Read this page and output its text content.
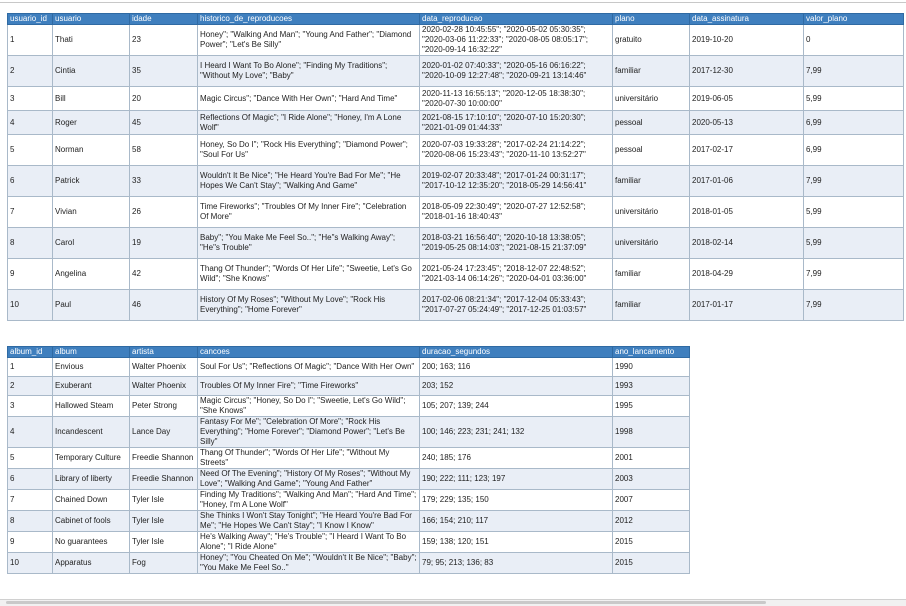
usuario_id	usuario	idade	historico_de_reproducoes	data_reproducao	plano	data_assinatura	valor_plano
1	Thati	23	Honey"; "Walking And Man"; "Young And Father"; "Diamond Power"; "Let's Be Silly"	2020-02-28 10:45:55"; "2020-05-02 05:30:35"; "2020-03-06 11:22:33"; "2020-08-05 08:05:17"; "2020-09-14 16:32:22"	gratuito	2019-10-20	0
2	Cintia	35	I Heard I Want To Bo Alone"; "Finding My Traditions"; "Without My Love"; "Baby"	2020-01-02 07:40:33"; "2020-05-16 06:16:22"; "2020-10-09 12:27:48"; "2020-09-21 13:14:46"	familiar	2017-12-30	7,99
3	Bill	20	Magic Circus"; "Dance With Her Own"; "Hard And Time"	2020-11-13 16:55:13"; "2020-12-05 18:38:30"; "2020-07-30 10:00:00"	universitário	2019-06-05	5,99
4	Roger	45	Reflections Of Magic"; "I Ride Alone"; "Honey, I'm A Lone Wolf"	2021-08-15 17:10:10"; "2020-07-10 15:20:30"; "2021-01-09 01:44:33"	pessoal	2020-05-13	6,99
5	Norman	58	Honey, So Do I"; "Rock His Everything"; "Diamond Power"; "Soul For Us"	2020-07-03 19:33:28"; "2017-02-24 21:14:22"; "2020-08-06 15:23:43"; "2020-11-10 13:52:27"	pessoal	2017-02-17	6,99
6	Patrick	33	Wouldn't It Be Nice"; "He Heard You're Bad For Me"; "He Hopes We Can't Stay"; "Walking And Game"	2019-02-07 20:33:48"; "2017-01-24 00:31:17"; "2017-10-12 12:35:20"; "2018-05-29 14:56:41"	familiar	2017-01-06	7,99
7	Vivian	26	Time Fireworks"; "Troubles Of My Inner Fire"; "Celebration Of More"	2018-05-09 22:30:49"; "2020-07-27 12:52:58"; "2018-01-16 18:40:43"	universitário	2018-01-05	5,99
8	Carol	19	Baby"; "You Make Me Feel So.."; "He"s Walking Away"; "He"s Trouble"	2018-03-21 16:56:40"; "2020-10-18 13:38:05"; "2019-05-25 08:14:03"; "2021-08-15 21:37:09"	universitário	2018-02-14	5,99
9	Angelina	42	Thang Of Thunder"; "Words Of Her Life"; "Sweetie, Let's Go Wild"; "She Knows"	2021-05-24 17:23:45"; "2018-12-07 22:48:52"; "2021-03-14 06:14:26"; "2020-04-01 03:36:00"	familiar	2018-04-29	7,99
10	Paul	46	History Of My Roses"; "Without My Love"; "Rock His Everything"; "Home Forever"	2017-02-06 08:21:34"; "2017-12-04 05:33:43"; "2017-07-27 05:24:49"; "2017-12-25 01:03:57"	familiar	2017-01-17	7,99
album_id	album	artista	cancoes	duracao_segundos	ano_lancamento
1	Envious	Walter Phoenix	Soul For Us"; "Reflections Of Magic"; "Dance With Her Own"	200; 163; 116	1990
2	Exuberant	Walter Phoenix	Troubles Of My Inner Fire"; "Time Fireworks"	203; 152	1993
3	Hallowed Steam	Peter Strong	Magic Circus"; "Honey, So Do I"; "Sweetie, Let's Go Wild"; "She Knows"	105; 207; 139; 244	1995
4	Incandescent	Lance Day	Fantasy For Me"; "Celebration Of More"; "Rock His Everything"; "Home Forever"; "Diamond Power"; "Let's Be Silly"	100; 146; 223; 231; 241; 132	1998
5	Temporary Culture	Freedie Shannon	Thang Of Thunder"; "Words Of Her Life"; "Without My Streets"	240; 185; 176	2001
6	Library of liberty	Freedie Shannon	Need Of The Evening"; "History Of My Roses"; "Without My Love"; "Walking And Game"; "Young And Father"	190; 222; 111; 123; 197	2003
7	Chained Down	Tyler Isle	Finding My Traditions"; "Walking And Man"; "Hard And Time"; "Honey, I'm A Lone Wolf"	179; 229; 135; 150	2007
8	Cabinet of fools	Tyler Isle	She Thinks I Won't Stay Tonight"; "He Heard You're Bad For Me"; "He Hopes We Can't Stay"; "I Know I Know"	166; 154; 210; 117	2012
9	No guarantees	Tyler Isle	He's Walking Away"; "He's Trouble"; "I Heard I Want To Bo Alone"; "I Ride Alone"	159; 138; 120; 151	2015
10	Apparatus	Fog	Honey"; "You Cheated On Me"; "Wouldn't It Be Nice"; "Baby"; "You Make Me Feel So.."	79; 95; 213; 136; 83	2015
